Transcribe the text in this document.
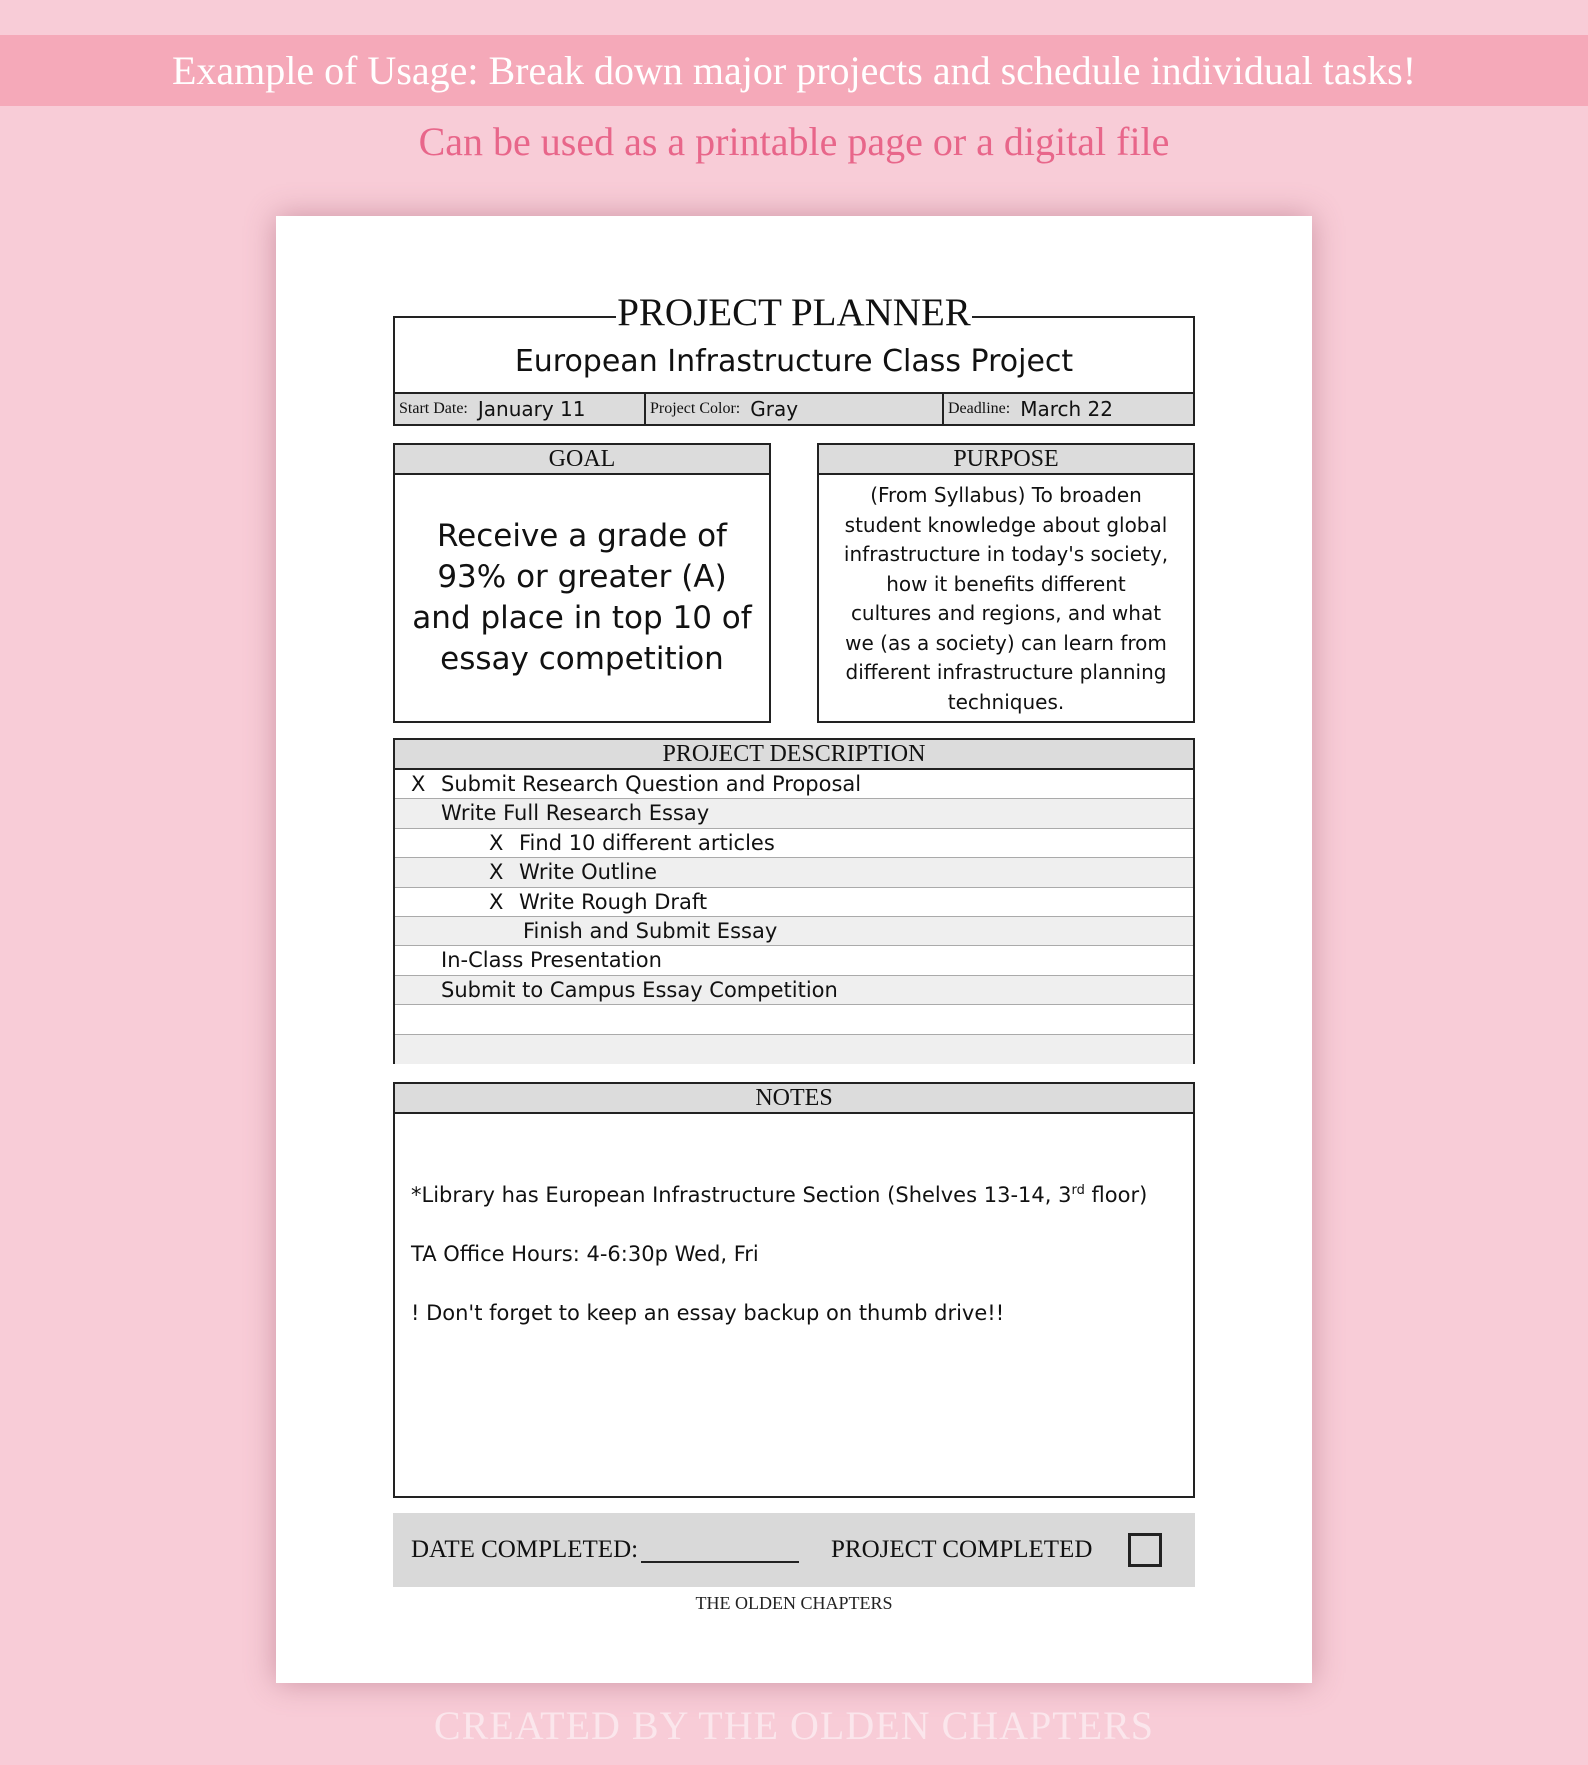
Example of Usage: Break down major projects and schedule individual tasks!
Can be used as a printable page or a digital file
PROJECT PLANNER
European Infrastructure Class Project
Start Date: January 11	Project Color: Gray	Deadline: March 22
GOAL
Receive a grade of
93% or greater (A)
and place in top 10 of
essay competition
PURPOSE
(From Syllabus) To broaden
student knowledge about global
infrastructure in today's society,
how it benefits different
cultures and regions, and what
we (as a society) can learn from
different infrastructure planning
techniques.
PROJECT DESCRIPTION
X Submit Research Question and Proposal
Write Full Research Essay
X Find 10 different articles
X Write Outline
X Write Rough Draft
Finish and Submit Essay
In-Class Presentation
Submit to Campus Essay Competition
NOTES
*Library has European Infrastructure Section (Shelves 13-14, 3rd floor)
TA Office Hours: 4-6:30p Wed, Fri
! Don't forget to keep an essay backup on thumb drive!!
DATE COMPLETED:	PROJECT COMPLETED
THE OLDEN CHAPTERS
CREATED BY THE OLDEN CHAPTERS
